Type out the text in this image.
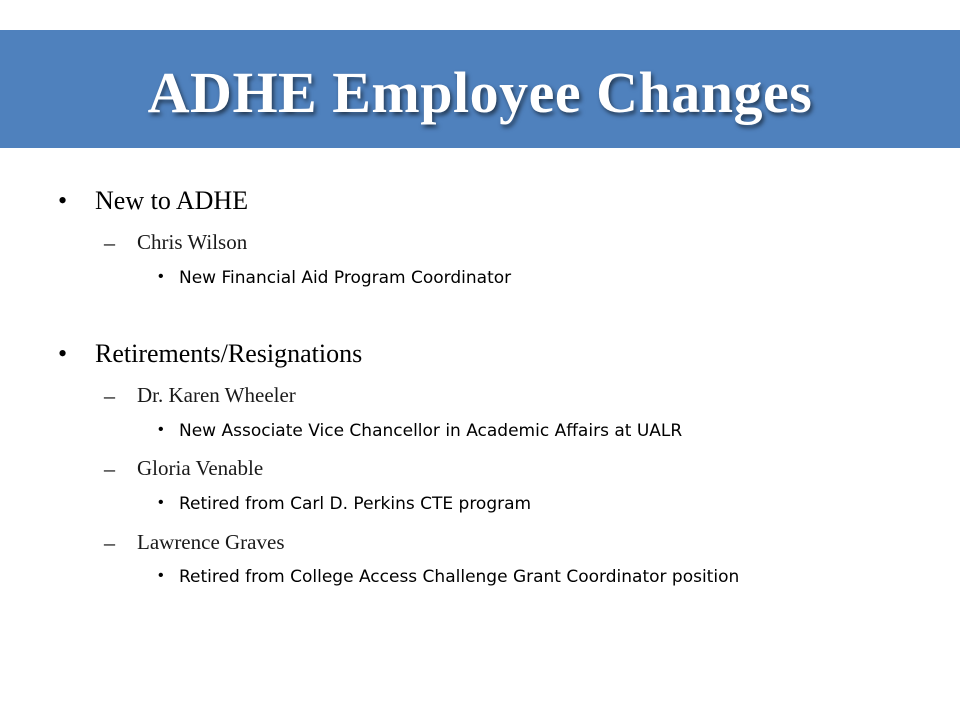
ADHE Employee Changes
• New to ADHE
– Chris Wilson
• New Financial Aid Program Coordinator
• Retirements/Resignations
– Dr. Karen Wheeler
• New Associate Vice Chancellor in Academic Affairs at UALR
– Gloria Venable
• Retired from Carl D. Perkins CTE program
– Lawrence Graves
• Retired from College Access Challenge Grant Coordinator position
